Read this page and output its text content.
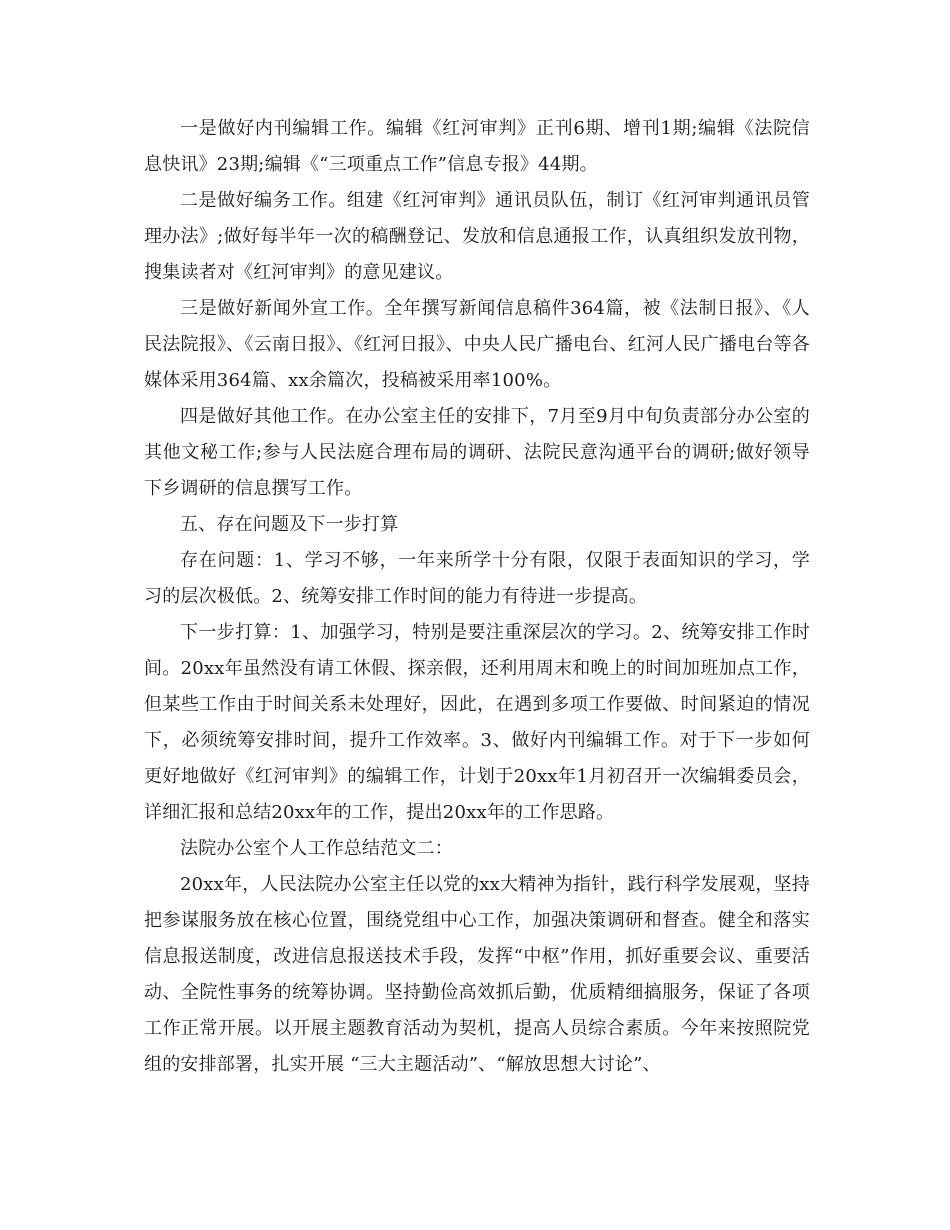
一是做好内刊编辑工作。编辑《红河审判》正刊6期、增刊1期;编辑《法院信息快讯》23期;编辑《“三项重点工作”信息专报》44期。

二是做好编务工作。组建《红河审判》通讯员队伍，制订《红河审判通讯员管理办法》;做好每半年一次的稿酬登记、发放和信息通报工作，认真组织发放刊物，搜集读者对《红河审判》的意见建议。

三是做好新闻外宣工作。全年撰写新闻信息稿件364篇，被《法制日报》、《人民法院报》、《云南日报》、《红河日报》、中央人民广播电台、红河人民广播电台等各媒体采用364篇、xx余篇次，投稿被采用率100%。

四是做好其他工作。在办公室主任的安排下，7月至9月中旬负责部分办公室的其他文秘工作;参与人民法庭合理布局的调研、法院民意沟通平台的调研;做好领导下乡调研的信息撰写工作。

五、存在问题及下一步打算

存在问题：1、学习不够，一年来所学十分有限，仅限于表面知识的学习，学习的层次极低。2、统筹安排工作时间的能力有待进一步提高。

下一步打算：1、加强学习，特别是要注重深层次的学习。2、统筹安排工作时间。20xx年虽然没有请工休假、探亲假，还利用周末和晚上的时间加班加点工作，但某些工作由于时间关系未处理好，因此，在遇到多项工作要做、时间紧迫的情况下，必须统筹安排时间，提升工作效率。3、做好内刊编辑工作。对于下一步如何更好地做好《红河审判》的编辑工作，计划于20xx年1月初召开一次编辑委员会，详细汇报和总结20xx年的工作，提出20xx年的工作思路。

法院办公室个人工作总结范文二：

20xx年，人民法院办公室主任以党的xx大精神为指针，践行科学发展观，坚持把参谋服务放在核心位置，围绕党组中心工作，加强决策调研和督查。健全和落实信息报送制度，改进信息报送技术手段，发挥“中枢”作用，抓好重要会议、重要活动、全院性事务的统筹协调。坚持勤俭高效抓后勤，优质精细搞服务，保证了各项工作正常开展。以开展主题教育活动为契机，提高人员综合素质。今年来按照院党组的安排部署，扎实开展 “三大主题活动”、“解放思想大讨论”、
